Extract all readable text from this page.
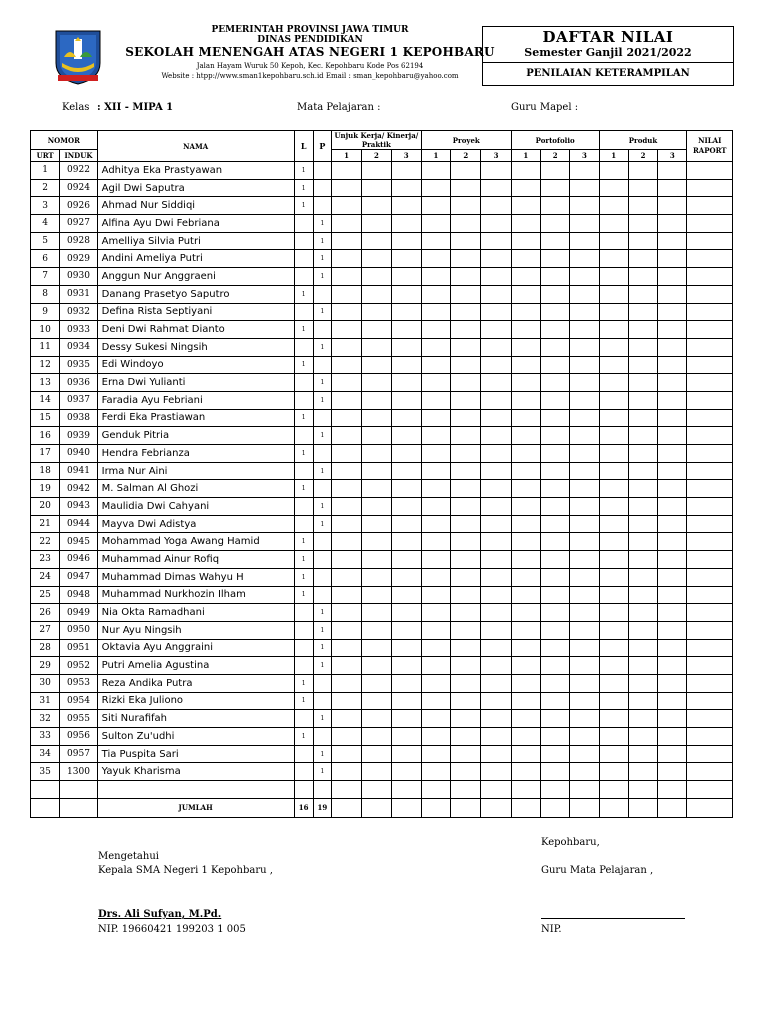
PEMERINTAH PROVINSI JAWA TIMUR
DINAS PENDIDIKAN
SEKOLAH MENENGAH ATAS NEGERI 1 KEPOHBARU
Jalan Hayam Wuruk 50 Kepoh, Kec. Kepohbaru Kode Pos 62194
Website : htpp://www.sman1kepohbaru.sch.id Email : sman_kepohbaru@yahoo.com
DAFTAR NILAI
Semester Ganjil 2021/2022
PENILAIAN KETERAMPILAN
Kelas : XII - MIPA 1	Mata Pelajaran :	Guru Mapel :
NOMOR		NAMA	L	P	Unjuk Kerja/ Kinerja/ Praktik			Proyek			Portofolio			Produk			NILAI
RAPORT

URT	INDUK				1	2	3	1	2	3	1	2	3	1	2	3	
1	0922	Adhitya Eka Prastyawan	1														
2	0924	Agil Dwi Saputra	1														
3	0926	Ahmad Nur Siddiqi	1														
4	0927	Alfina Ayu Dwi Febriana		1													
5	0928	Amelliya Silvia Putri		1													
6	0929	Andini Ameliya Putri		1													
7	0930	Anggun Nur Anggraeni		1													
8	0931	Danang Prasetyo Saputro	1														
9	0932	Defina Rista Septiyani		1													
10	0933	Deni Dwi Rahmat Dianto	1														
11	0934	Dessy Sukesi Ningsih		1													
12	0935	Edi Windoyo	1														
13	0936	Erna Dwi Yulianti		1													
14	0937	Faradia Ayu Febriani		1													
15	0938	Ferdi Eka Prastiawan	1														
16	0939	Genduk Pitria		1													
17	0940	Hendra Febrianza	1														
18	0941	Irma Nur Aini		1													
19	0942	M. Salman Al Ghozi	1														
20	0943	Maulidia Dwi Cahyani		1													
21	0944	Mayva Dwi Adistya		1													
22	0945	Mohammad Yoga Awang Hamid	1														
23	0946	Muhammad Ainur Rofiq	1														
24	0947	Muhammad Dimas Wahyu H	1														
25	0948	Muhammad Nurkhozin Ilham	1														
26	0949	Nia Okta Ramadhani		1													
27	0950	Nur Ayu Ningsih		1													
28	0951	Oktavia Ayu Anggraini		1													
29	0952	Putri Amelia Agustina		1													
30	0953	Reza Andika Putra	1														
31	0954	Rizki Eka Juliono	1														
32	0955	Siti Nurafifah		1													
33	0956	Sulton Zu'udhi	1														
34	0957	Tia Puspita Sari		1													
35	1300	Yayuk Kharisma		1													

		JUMLAH	16	19													
Kepohbaru,
Mengetahui
Kepala SMA Negeri 1 Kepohbaru ,	Guru Mata Pelajaran ,
Drs. Ali Sufyan, M.Pd.
NIP. 19660421 199203 1 005	NIP.
